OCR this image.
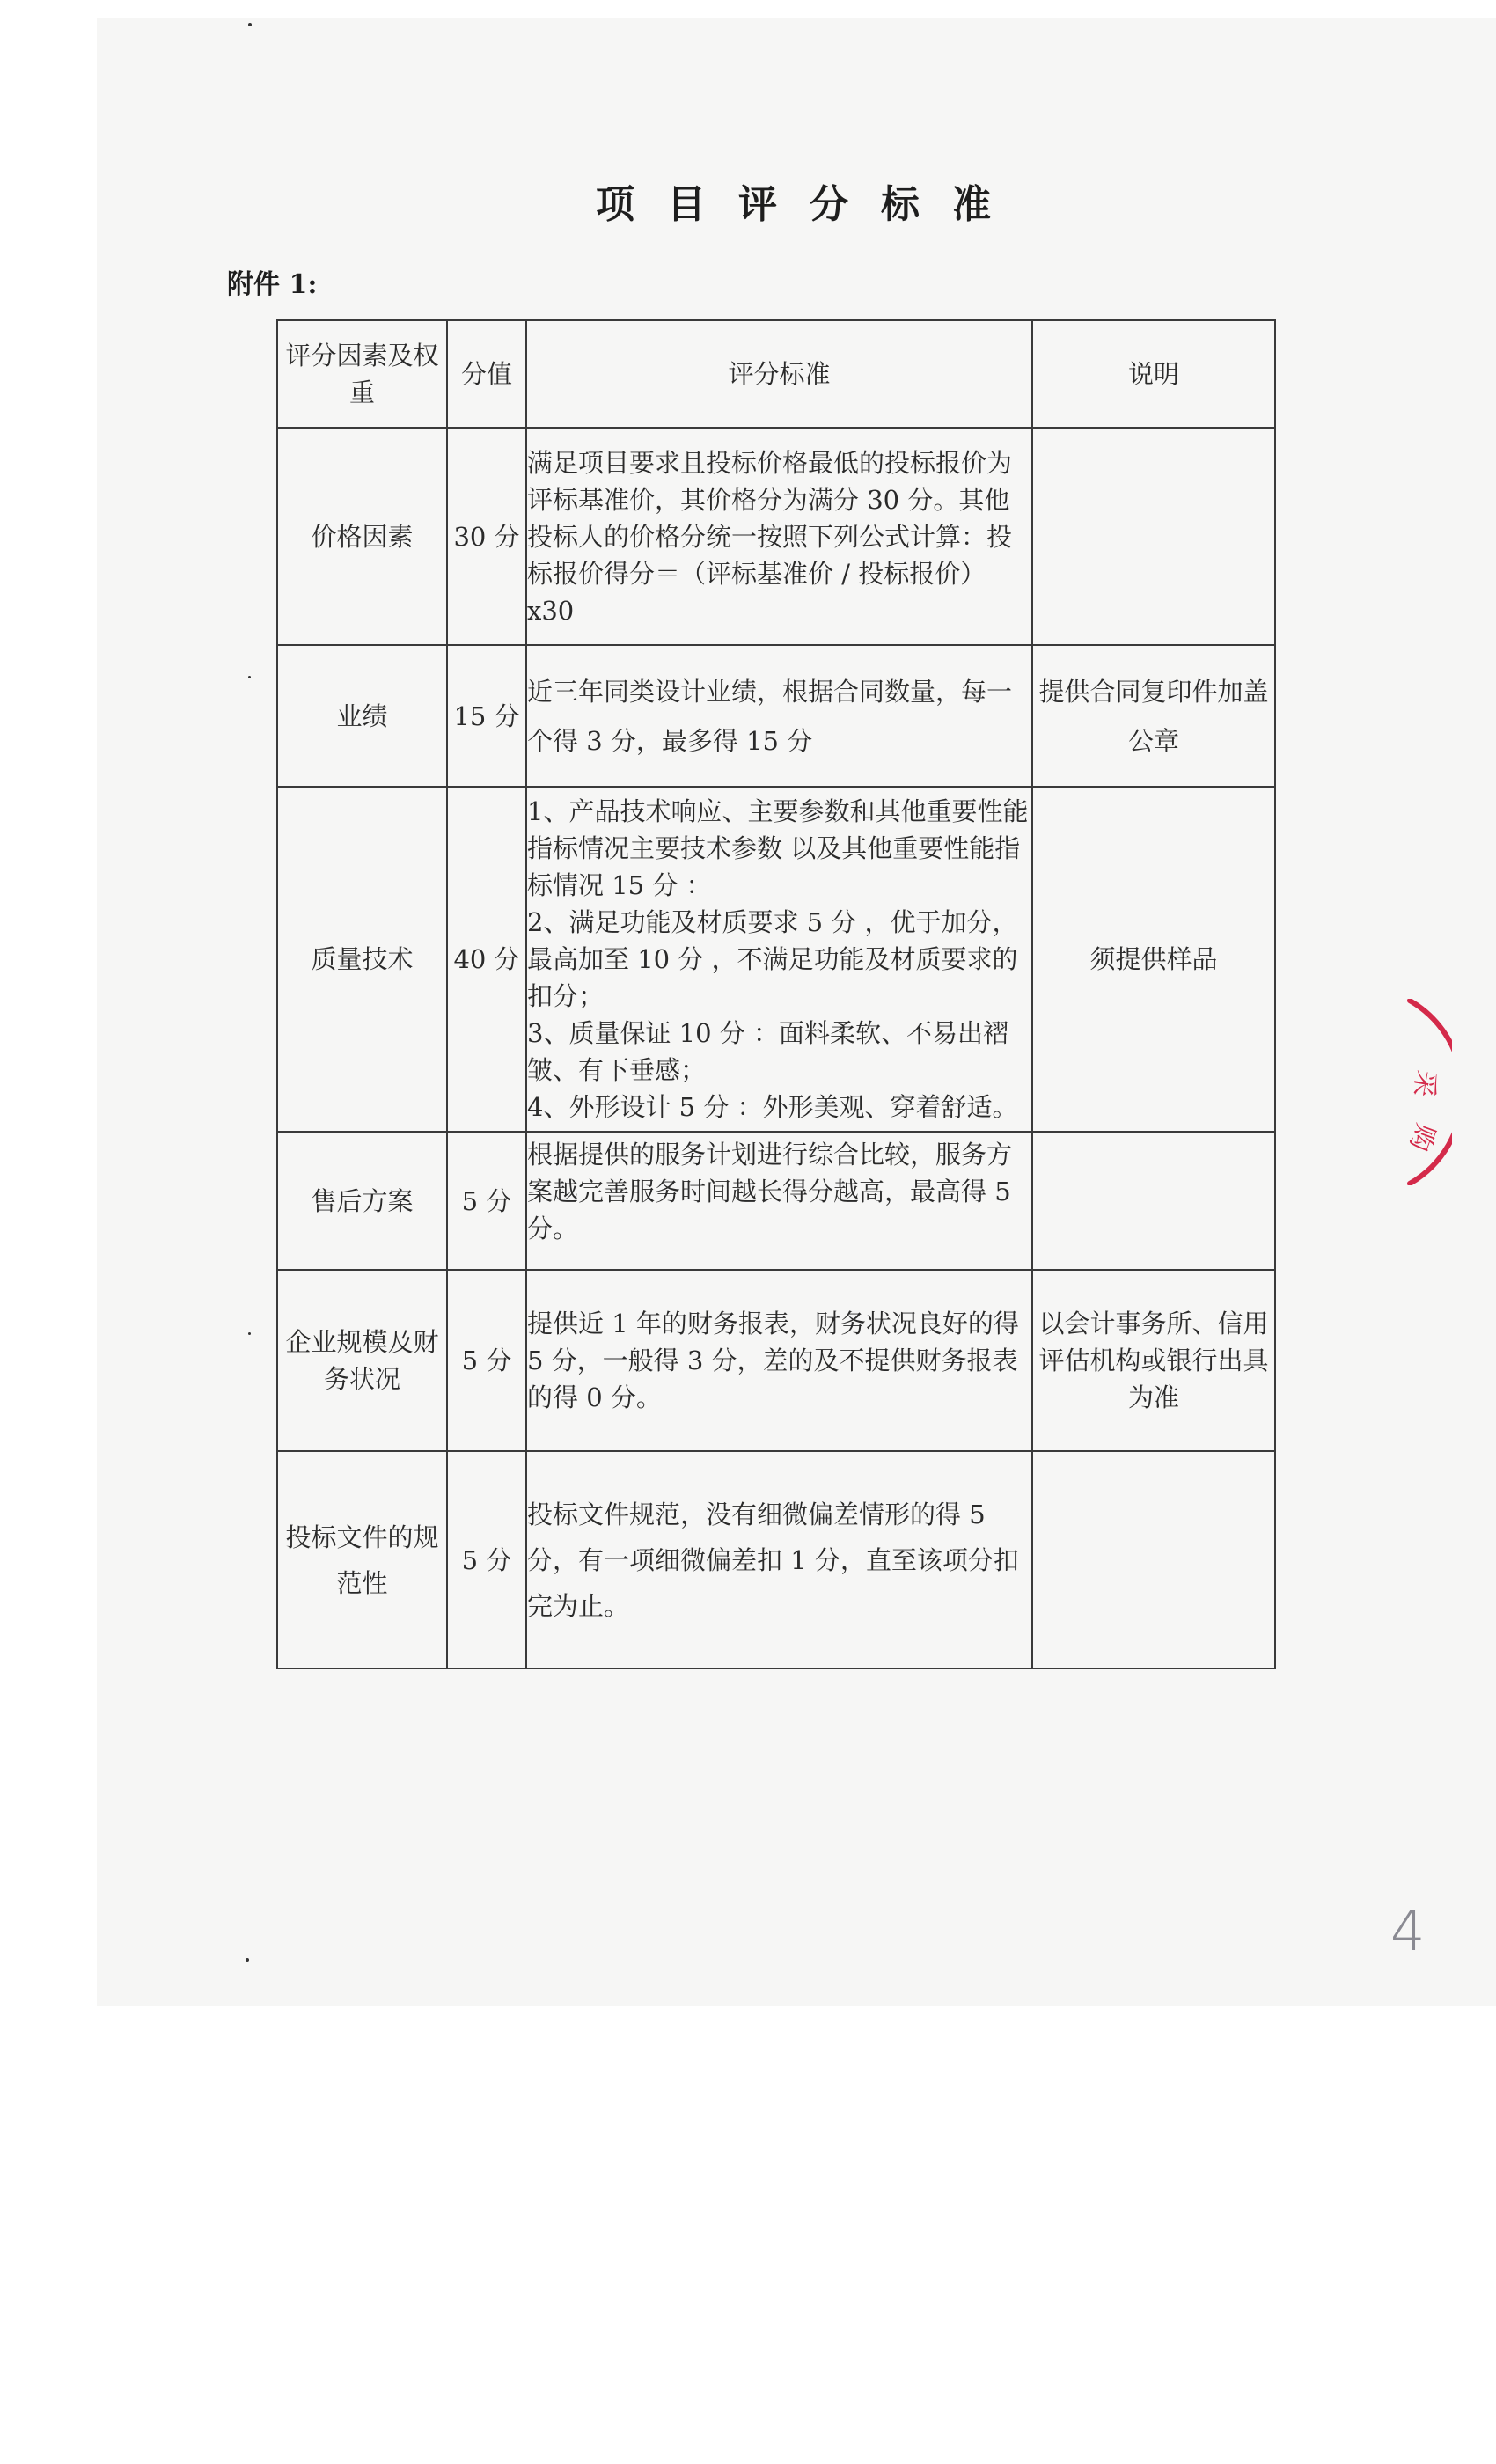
项目评分标准
附件 1:
评分因素及权重	分值	评分标准	说明
价格因素	30 分	满足项目要求且投标价格最低的投标报价为评标基准价，其价格分为满分 30 分。其他投标人的价格分统一按照下列公式计算：投标报价得分＝（评标基准价 / 投标报价）x30	
业绩	15 分	近三年同类设计业绩，根据合同数量，每一个得 3 分，最多得 15 分	提供合同复印件加盖公章
质量技术	40 分	1、产品技术响应、主要参数和其他重要性能 指标情况主要技术参数 以及其他重要性能指标情况 15 分 ：
2、满足功能及材质要求 5 分 ，优于加分，最高加至 10 分 ，不满足功能及材质要求的扣分；
3、质量保证 10 分 ：面料柔软、不易出褶皱、有下垂感；
4、外形设计 5 分 ：外形美观、穿着舒适。	须提供样品
售后方案	5 分	根据提供的服务计划进行综合比较，服务方案越完善服务时间越长得分越高，最高得 5 分。	
企业规模及财务状况	5 分	提供近 1 年的财务报表，财务状况良好的得 5 分，一般得 3 分，差的及不提供财务报表的得 0 分。	以会计事务所、信用评估机构或银行出具为准
投标文件的规范性	5 分	投标文件规范，没有细微偏差情形的得 5 分，有一项细微偏差扣 1 分，直至该项分扣完为止。	
采
购
4
